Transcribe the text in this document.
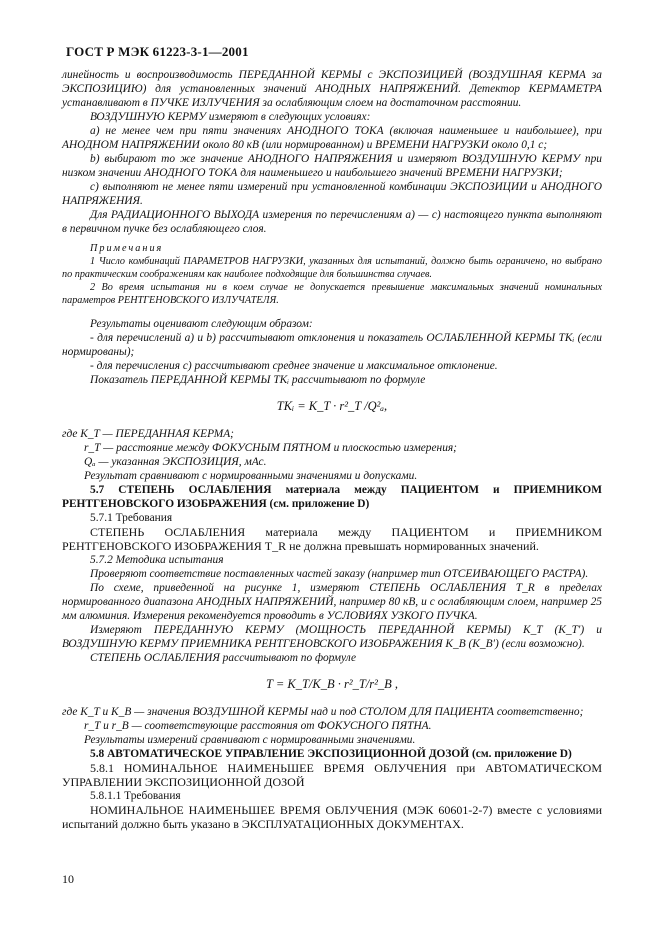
ГОСТ Р МЭК 61223-3-1—2001

линейность и воспроизводимость ПЕРЕДАННОЙ КЕРМЫ с ЭКСПОЗИЦИЕЙ (ВОЗДУШНАЯ КЕРМА за ЭКСПОЗИЦИЮ) для установленных значений АНОДНЫХ НАПРЯЖЕНИЙ. Детектор КЕРМАМЕТРА устанавливают в ПУЧКЕ ИЗЛУЧЕНИЯ за ослабляющим слоем на достаточном расстоянии.

ВОЗДУШНУЮ КЕРМУ измеряют в следующих условиях:

а) не менее чем при пяти значениях АНОДНОГО ТОКА (включая наименьшее и наибольшее), при АНОДНОМ НАПРЯЖЕНИИ около 80 кВ (или нормированном) и ВРЕМЕНИ НАГРУЗКИ около 0,1 с;

b) выбирают то же значение АНОДНОГО НАПРЯЖЕНИЯ и измеряют ВОЗДУШНУЮ КЕРМУ при низком значении АНОДНОГО ТОКА для наименьшего и наибольшего значений ВРЕМЕНИ НАГРУЗКИ;

с) выполняют не менее пяти измерений при установленной комбинации ЭКСПОЗИЦИИ и АНОДНОГО НАПРЯЖЕНИЯ.

Для РАДИАЦИОННОГО ВЫХОДА измерения по перечислениям а) — с) настоящего пункта выполняют в первичном пучке без ослабляющего слоя.

Примечания

1 Число комбинаций ПАРАМЕТРОВ НАГРУЗКИ, указанных для испытаний, должно быть ограничено, но выбрано по практическим соображениям как наиболее подходящие для большинства случаев.

2 Во время испытания ни в коем случае не допускается превышение максимальных значений номинальных параметров РЕНТГЕНОВСКОГО ИЗЛУЧАТЕЛЯ.

Результаты оценивают следующим образом:

- для перечислений а) и b) рассчитывают отклонения и показатель ОСЛАБЛЕННОЙ КЕРМЫ TKᵢ (если нормированы);

- для перечисления с) рассчитывают среднее значение и максимальное отклонение.

Показатель ПЕРЕДАННОЙ КЕРМЫ TKᵢ рассчитывают по формуле

TKᵢ = K_T · r²_T /Q²ₐ,
где K_T — ПЕРЕДАННАЯ КЕРМА;
r_T — расстояние между ФОКУСНЫМ ПЯТНОМ и плоскостью измерения;
Qₐ — указанная ЭКСПОЗИЦИЯ, мАс.
Результат сравнивают с нормированными значениями и допусками.

5.7 СТЕПЕНЬ ОСЛАБЛЕНИЯ материала между ПАЦИЕНТОМ и ПРИЕМНИКОМ РЕНТГЕНОВСКОГО ИЗОБРАЖЕНИЯ (см. приложение D)

5.7.1 Требования

СТЕПЕНЬ ОСЛАБЛЕНИЯ материала между ПАЦИЕНТОМ и ПРИЕМНИКОМ РЕНТГЕНОВСКОГО ИЗОБРАЖЕНИЯ T_R не должна превышать нормированных значений.

5.7.2 Методика испытания

Проверяют соответствие поставленных частей заказу (например тип ОТСЕИВАЮЩЕГО РАСТРА).

По схеме, приведенной на рисунке 1, измеряют СТЕПЕНЬ ОСЛАБЛЕНИЯ T_R в пределах нормированного диапазона АНОДНЫХ НАПРЯЖЕНИЙ, например 80 кВ, и с ослабляющим слоем, например 25 мм алюминия. Измерения рекомендуется проводить в УСЛОВИЯХ УЗКОГО ПУЧКА.

Измеряют ПЕРЕДАННУЮ КЕРМУ (МОЩНОСТЬ ПЕРЕДАННОЙ КЕРМЫ) K_T (K_T′) и ВОЗДУШНУЮ КЕРМУ ПРИЕМНИКА РЕНТГЕНОВСКОГО ИЗОБРАЖЕНИЯ K_B (K_B′) (если возможно).

СТЕПЕНЬ ОСЛАБЛЕНИЯ рассчитывают по формуле

T = K_T/K_B · r²_T/r²_B ,
где K_T и K_B — значения ВОЗДУШНОЙ КЕРМЫ над и под СТОЛОМ ДЛЯ ПАЦИЕНТА соответственно;
r_T и r_B — соответствующие расстояния от ФОКУСНОГО ПЯТНА.
Результаты измерений сравнивают с нормированными значениями.

5.8 АВТОМАТИЧЕСКОЕ УПРАВЛЕНИЕ ЭКСПОЗИЦИОННОЙ ДОЗОЙ (см. приложение D)

5.8.1 НОМИНАЛЬНОЕ НАИМЕНЬШЕЕ ВРЕМЯ ОБЛУЧЕНИЯ при АВТОМАТИЧЕСКОМ УПРАВЛЕНИИ ЭКСПОЗИЦИОННОЙ ДОЗОЙ

5.8.1.1 Требования

НОМИНАЛЬНОЕ НАИМЕНЬШЕЕ ВРЕМЯ ОБЛУЧЕНИЯ (МЭК 60601-2-7) вместе с условиями испытаний должно быть указано в ЭКСПЛУАТАЦИОННЫХ ДОКУМЕНТАХ.

10
